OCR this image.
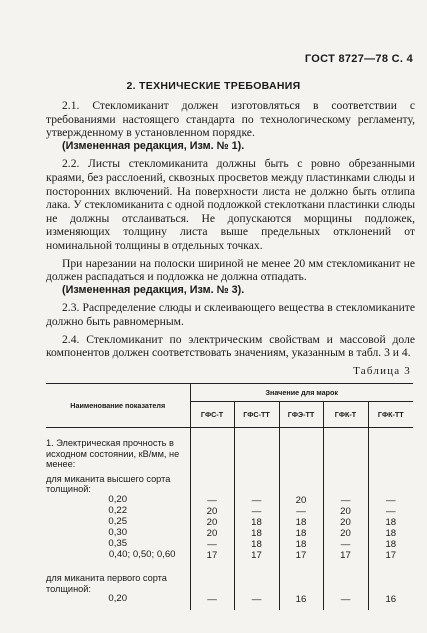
ГОСТ 8727—78 С. 4
2. ТЕХНИЧЕСКИЕ ТРЕБОВАНИЯ

2.1. Стекломиканит должен изготовляться в соответствии с требованиями настоящего стандарта по технологическому регламенту, утвержденному в установленном порядке.

(Измененная редакция, Изм. № 1).

2.2. Листы стекломиканита должны быть с ровно обрезанными краями, без расслоений, сквозных просветов между пластинками слюды и посторонних включений. На поверхности листа не должно быть отлипа лака. У стекломиканита с одной подложкой стеклоткани пластинки слюды не должны отслаиваться. Не допускаются морщины подложек, изменяющих толщину листа выше предельных отклонений от номинальной толщины в отдельных точках.

При нарезании на полоски шириной не менее 20 мм стекломиканит не должен распадаться и подложка не должна отпадать.

(Измененная редакция, Изм. № 3).

2.3. Распределение слюды и склеивающего вещества в стекломиканите должно быть равномерным.

2.4. Стекломиканит по электрическим свойствам и массовой доле компонентов должен соответствовать значениям, указанным в табл. 3 и 4.

Таблица 3
Наименование показателя	Значение для марок				
	ГФС-Т	ГФС-ТТ	ГФЭ-ТТ	ГФК-Т	ГФК-ТТ
1. Электрическая прочность в исходном состоянии, кВ/мм, не менее:					
для миканита высшего сорта толщиной:					
0,20	—	—	20	—	—
0,22	20	—	—	20	—
0,25	20	18	18	20	18
0,30	20	18	18	20	18
0,35	—	18	18	—	18
0,40; 0,50; 0,60	17	17	17	17	17
для миканита первого сорта толщиной:					
0,20	—	—	16	—	16
